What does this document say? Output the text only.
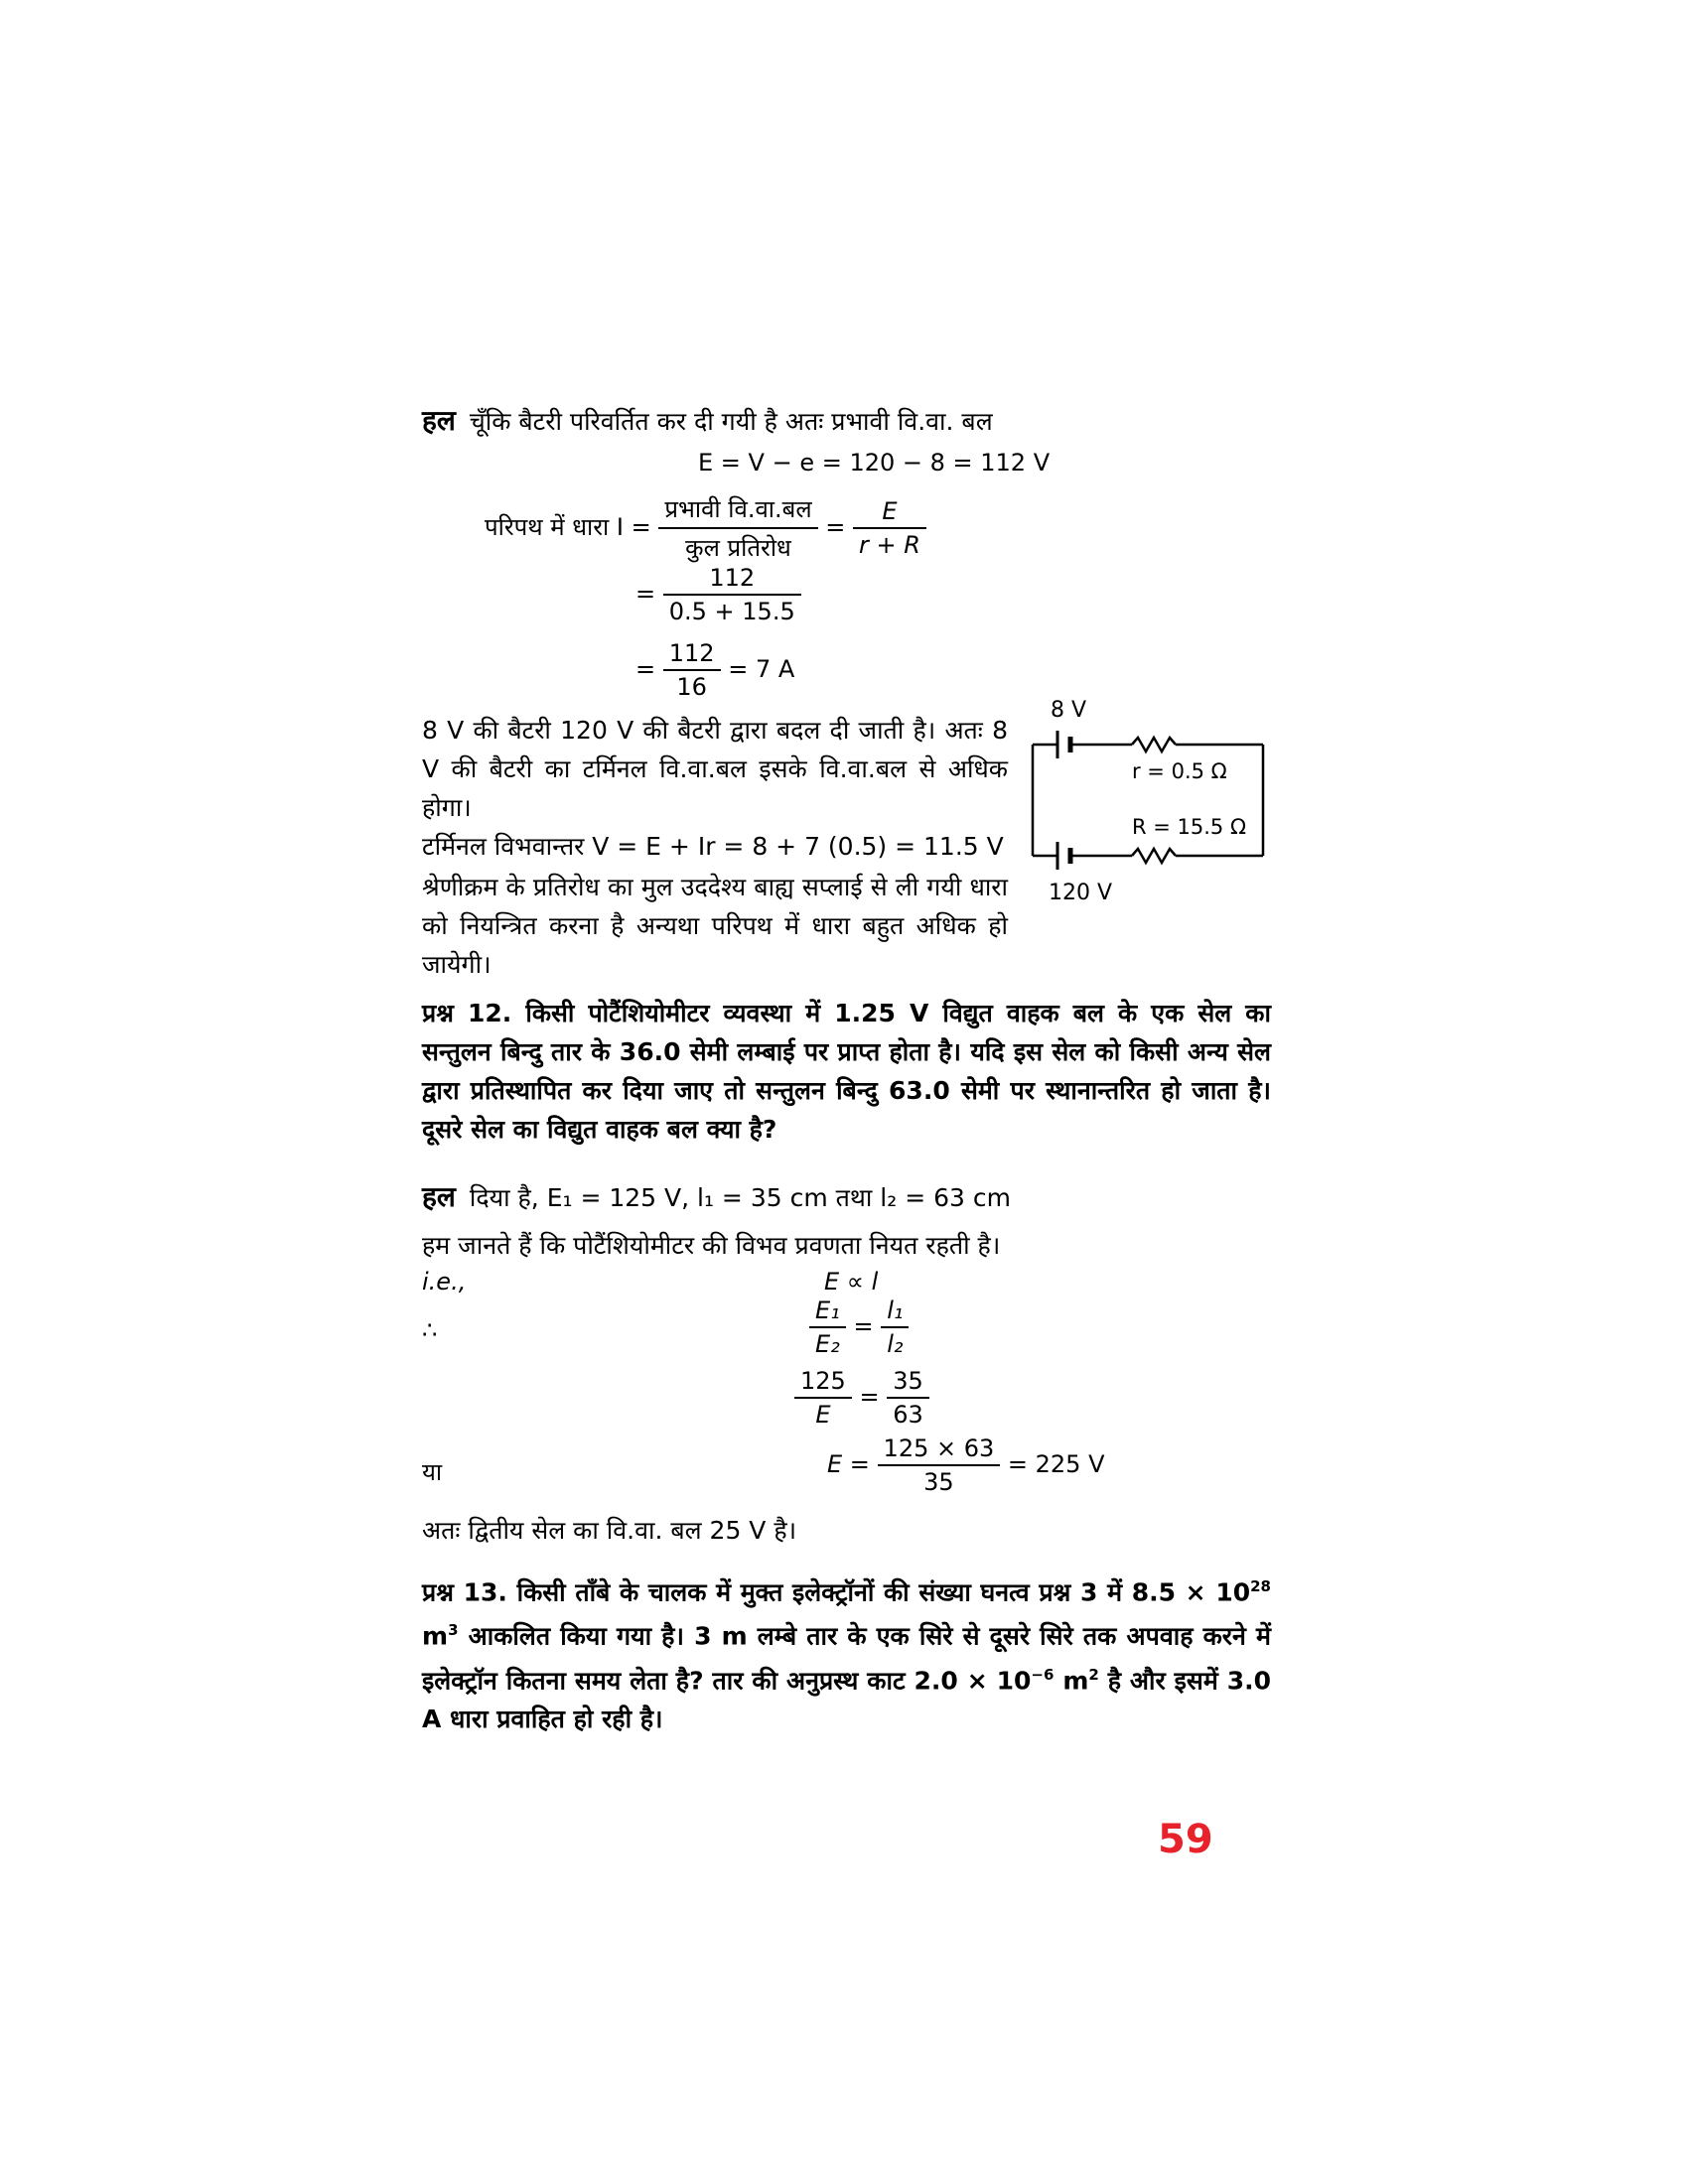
हल चूँकि बैटरी परिवर्तित कर दी गयी है अतः प्रभावी वि.वा. बल
E = V − e = 120 − 8 = 112 V
परिपथ में धारा $I = \frac{\text{प्रभावी वि.वा.बल}}{\text{कुल प्रतिरोध}} = \frac{E}{r + R}$
= $\frac{112}{0.5 + 15.5}$
= $\frac{112}{16} = 7$ A
8 V की बैटरी 120 V की बैटरी द्वारा बदल दी जाती है। अतः 8 V की बैटरी का टर्मिनल वि.वा.बल इसके वि.वा.बल से अधिक होगा।
टर्मिनल विभवान्तर V = E + Ir = 8 + 7 (0.5) = 11.5 V
श्रेणीक्रम के प्रतिरोध का मुल उददेश्य बाह्य सप्लाई से ली गयी धारा को नियन्त्रित करना है अन्यथा परिपथ में धारा बहुत अधिक हो जायेगी।
8 V
r = 0.5 Ω
R = 15.5 Ω
120 V
प्रश्न 12. किसी पोटैंशियोमीटर व्यवस्था में 1.25 V विद्युत वाहक बल के एक सेल का सन्तुलन बिन्दु तार के 36.0 सेमी लम्बाई पर प्राप्त होता है। यदि इस सेल को किसी अन्य सेल द्वारा प्रतिस्थापित कर दिया जाए तो सन्तुलन बिन्दु 63.0 सेमी पर स्थानान्तरित हो जाता है। दूसरे सेल का विद्युत वाहक बल क्या है?
हल दिया है, E₁ = 125 V, l₁ = 35 cm तथा l₂ = 63 cm
हम जानते हैं कि पोटैंशियोमीटर की विभव प्रवणता नियत रहती है।
i.e.,	E ∝ l
∴	$\frac{\text{E₁}}{\text{E₂}} = \frac{\text{l₁}}{\text{l₂}}$
$\frac{125}{E} = \frac{35}{63}$
या	$E = \frac{125 \times 63}{35} = 225$ V
अतः द्वितीय सेल का वि.वा. बल 25 V है।
प्रश्न 13. किसी ताँबे के चालक में मुक्त इलेक्ट्रॉनों की संख्या घनत्व प्रश्न 3 में $8.5 \times 10^{28}$ $m^3$ आकलित किया गया है। 3 m लम्बे तार के एक सिरे से दूसरे सिरे तक अपवाह करने में इलेक्ट्रॉन कितना समय लेता है? तार की अनुप्रस्थ काट $2.0 \times 10^{-6}$ $m^2$ है और इसमें 3.0 A धारा प्रवाहित हो रही है।
59
